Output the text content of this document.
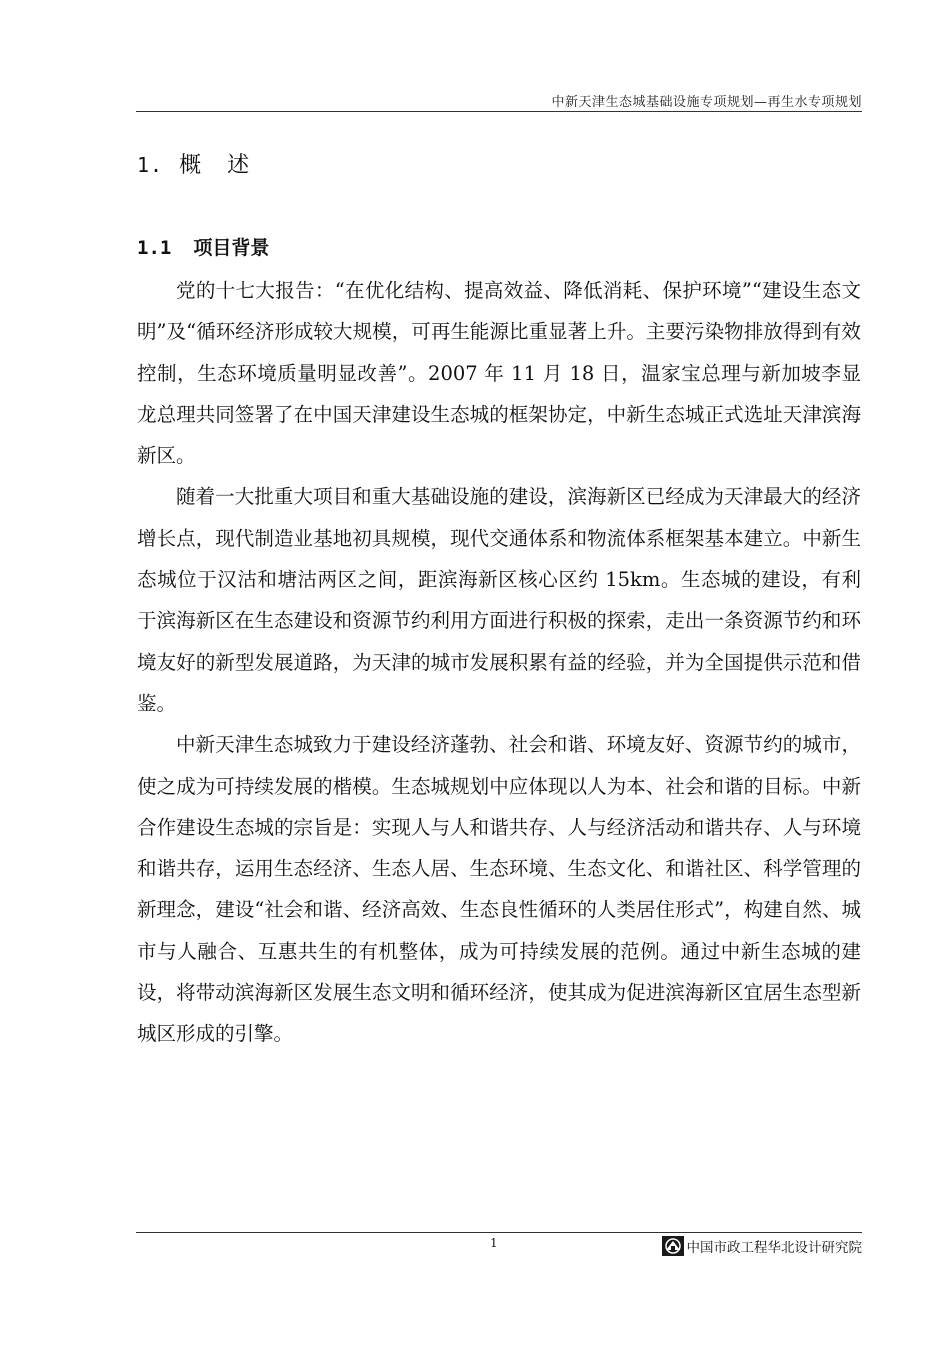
中新天津生态城基础设施专项规划—再生水专项规划
1. 概述
1.1 项目背景

党的十七大报告：“在优化结构、提高效益、降低消耗、保护环境”“建设生态文明”及“循环经济形成较大规模，可再生能源比重显著上升。主要污染物排放得到有效控制，生态环境质量明显改善”。2007 年 11 月 18 日，温家宝总理与新加坡李显龙总理共同签署了在中国天津建设生态城的框架协定，中新生态城正式选址天津滨海新区。

随着一大批重大项目和重大基础设施的建设，滨海新区已经成为天津最大的经济增长点，现代制造业基地初具规模，现代交通体系和物流体系框架基本建立。中新生态城位于汉沽和塘沽两区之间，距滨海新区核心区约 15km。生态城的建设，有利于滨海新区在生态建设和资源节约利用方面进行积极的探索，走出一条资源节约和环境友好的新型发展道路，为天津的城市发展积累有益的经验，并为全国提供示范和借鉴。

中新天津生态城致力于建设经济蓬勃、社会和谐、环境友好、资源节约的城市，使之成为可持续发展的楷模。生态城规划中应体现以人为本、社会和谐的目标。中新合作建设生态城的宗旨是：实现人与人和谐共存、人与经济活动和谐共存、人与环境和谐共存，运用生态经济、生态人居、生态环境、生态文化、和谐社区、科学管理的新理念，建设“社会和谐、经济高效、生态良性循环的人类居住形式”，构建自然、城市与人融合、互惠共生的有机整体，成为可持续发展的范例。通过中新生态城的建设，将带动滨海新区发展生态文明和循环经济，使其成为促进滨海新区宜居生态型新城区形成的引擎。

1	中国市政工程华北设计研究院
